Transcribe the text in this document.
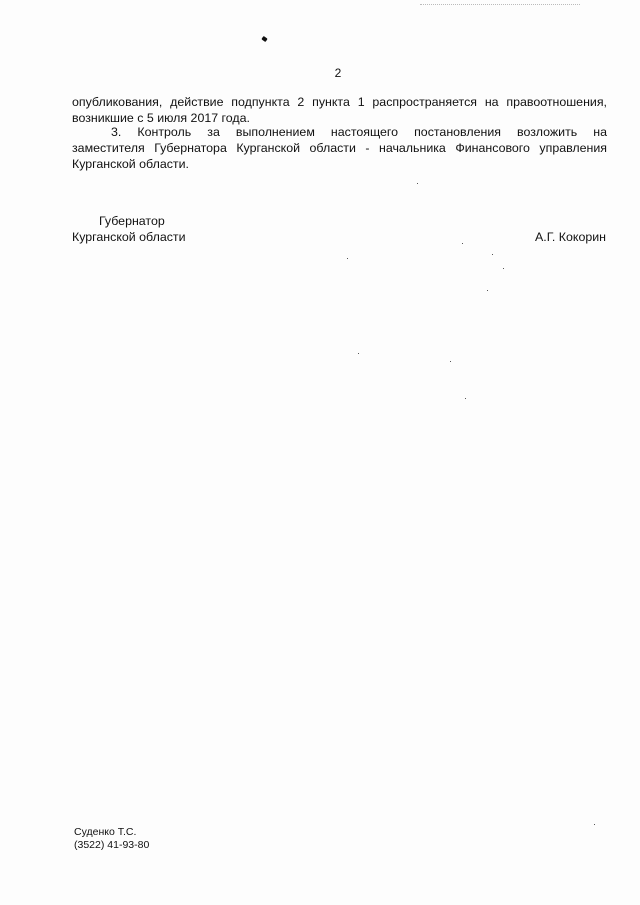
2
опубликования, действие подпункта 2 пункта 1 распространяется на правоотношения,
возникшие с 5 июля 2017 года.
3. Контроль за выполнением настоящего постановления возложить на
заместителя Губернатора Курганской области - начальника Финансового управления
Курганской области.
Губернатор
Курганской области	А.Г. Кокорин
Суденко Т.С.
(3522) 41-93-80
